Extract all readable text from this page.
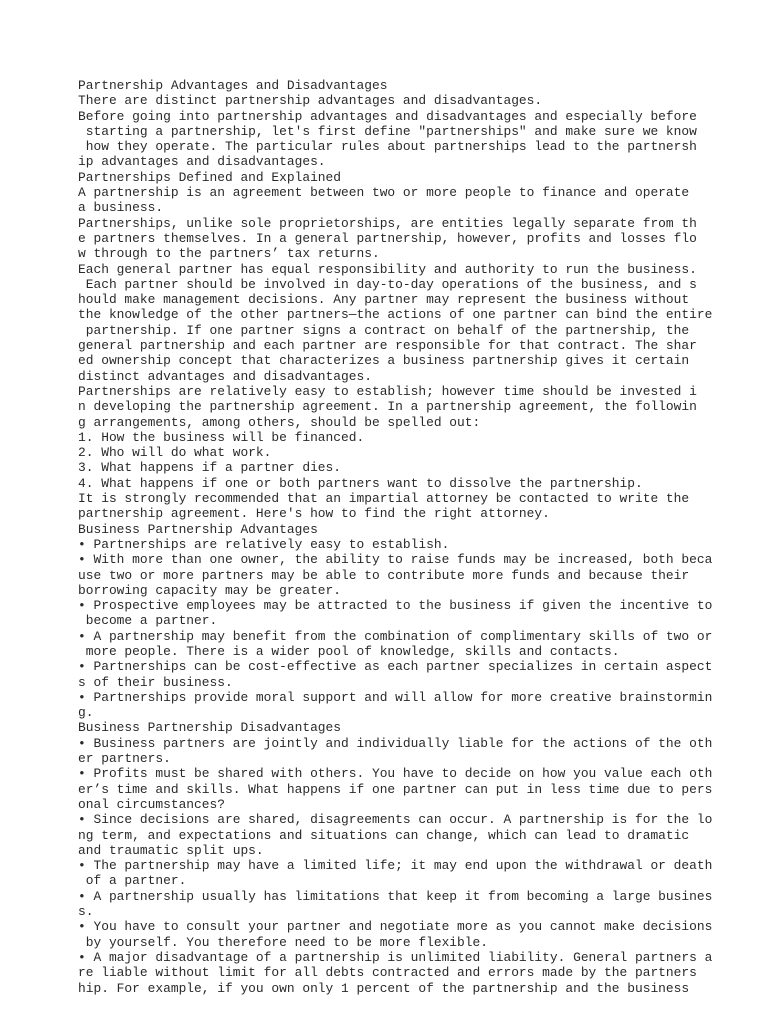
Partnership Advantages and Disadvantages
There are distinct partnership advantages and disadvantages.
Before going into partnership advantages and disadvantages and especially before
starting a partnership, let's first define "partnerships" and make sure we know
how they operate. The particular rules about partnerships lead to the partnersh
ip advantages and disadvantages.
Partnerships Defined and Explained
A partnership is an agreement between two or more people to finance and operate
a business.
Partnerships, unlike sole proprietorships, are entities legally separate from th
e partners themselves. In a general partnership, however, profits and losses flo
w through to the partners’ tax returns.
Each general partner has equal responsibility and authority to run the business.
Each partner should be involved in day-to-day operations of the business, and s
hould make management decisions. Any partner may represent the business without
the knowledge of the other partners—the actions of one partner can bind the entire
partnership. If one partner signs a contract on behalf of the partnership, the
general partnership and each partner are responsible for that contract. The shar
ed ownership concept that characterizes a business partnership gives it certain
distinct advantages and disadvantages.
Partnerships are relatively easy to establish; however time should be invested i
n developing the partnership agreement. In a partnership agreement, the followin
g arrangements, among others, should be spelled out:
1. How the business will be financed.
2. Who will do what work.
3. What happens if a partner dies.
4. What happens if one or both partners want to dissolve the partnership.
It is strongly recommended that an impartial attorney be contacted to write the
partnership agreement. Here's how to find the right attorney.
Business Partnership Advantages
• Partnerships are relatively easy to establish.
• With more than one owner, the ability to raise funds may be increased, both beca
use two or more partners may be able to contribute more funds and because their
borrowing capacity may be greater.
• Prospective employees may be attracted to the business if given the incentive to
become a partner.
• A partnership may benefit from the combination of complimentary skills of two or
more people. There is a wider pool of knowledge, skills and contacts.
• Partnerships can be cost-effective as each partner specializes in certain aspect
s of their business.
• Partnerships provide moral support and will allow for more creative brainstormin
g.
Business Partnership Disadvantages
• Business partners are jointly and individually liable for the actions of the oth
er partners.
• Profits must be shared with others. You have to decide on how you value each oth
er’s time and skills. What happens if one partner can put in less time due to pers
onal circumstances?
• Since decisions are shared, disagreements can occur. A partnership is for the lo
ng term, and expectations and situations can change, which can lead to dramatic
and traumatic split ups.
• The partnership may have a limited life; it may end upon the withdrawal or death
of a partner.
• A partnership usually has limitations that keep it from becoming a large busines
s.
• You have to consult your partner and negotiate more as you cannot make decisions
by yourself. You therefore need to be more flexible.
• A major disadvantage of a partnership is unlimited liability. General partners a
re liable without limit for all debts contracted and errors made by the partners
hip. For example, if you own only 1 percent of the partnership and the business
